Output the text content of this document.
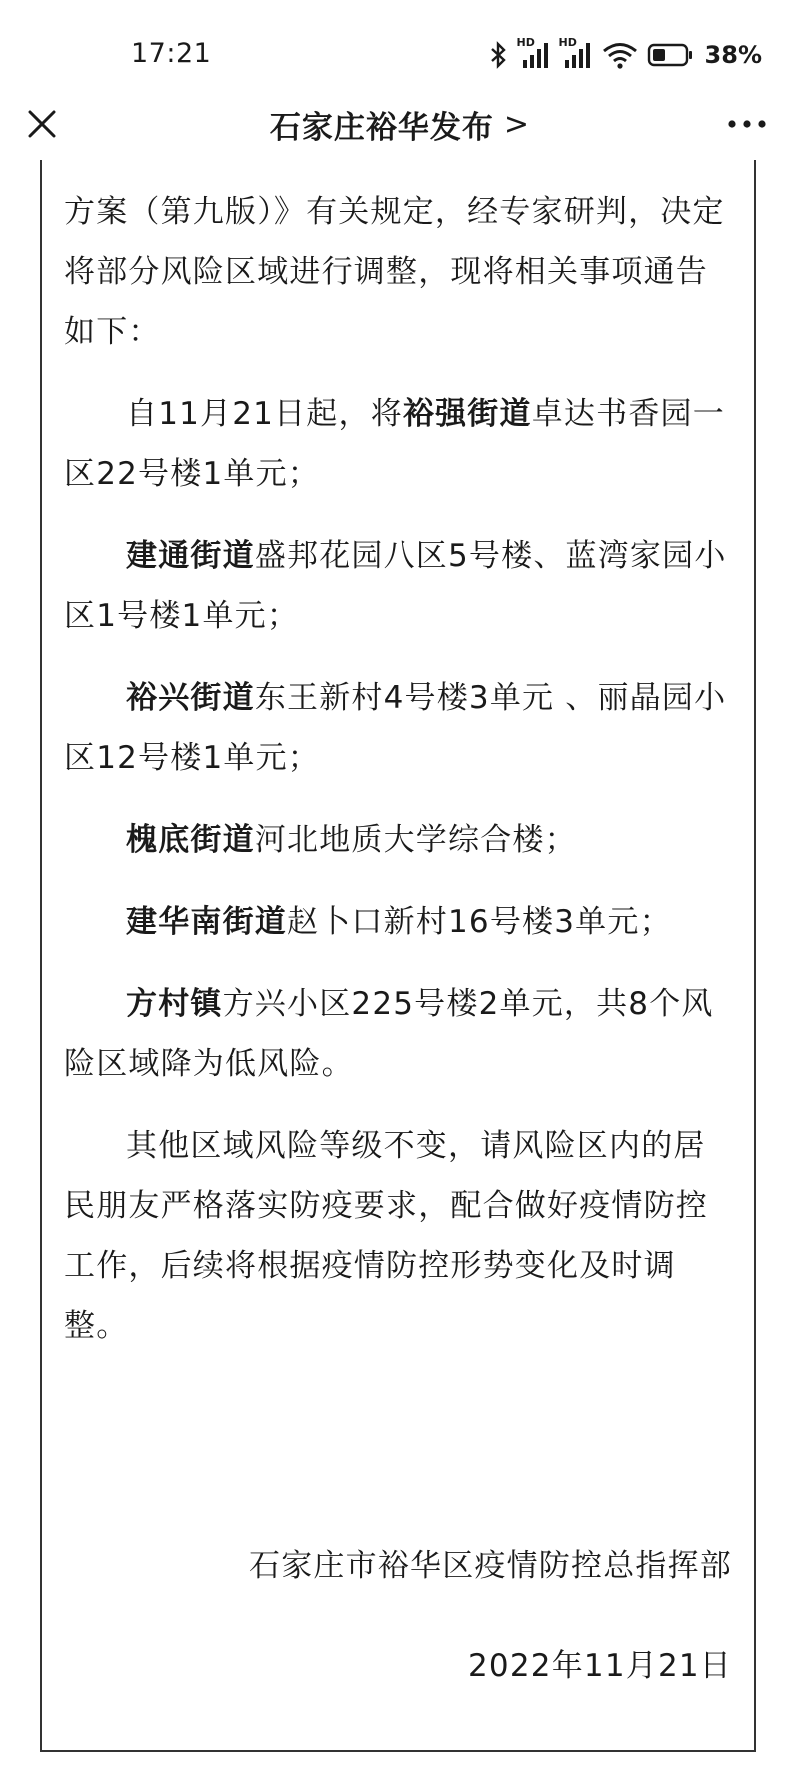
17:21	HD HD	38%
石家庄裕华发布 >

方案（第九版）》有关规定，经专家研判，决定将部分风险区域进行调整，现将相关事项通告如下：

自11月21日起，将裕强街道卓达书香园一区22号楼1单元；

建通街道盛邦花园八区5号楼、蓝湾家园小区1号楼1单元；

裕兴街道东王新村4号楼3单元 、丽晶园小区12号楼1单元；

槐底街道河北地质大学综合楼；

建华南街道赵卜口新村16号楼3单元；

方村镇方兴小区225号楼2单元，共8个风险区域降为低风险。

其他区域风险等级不变，请风险区内的居民朋友严格落实防疫要求，配合做好疫情防控工作，后续将根据疫情防控形势变化及时调整。

石家庄市裕华区疫情防控总指挥部
2022年11月21日
